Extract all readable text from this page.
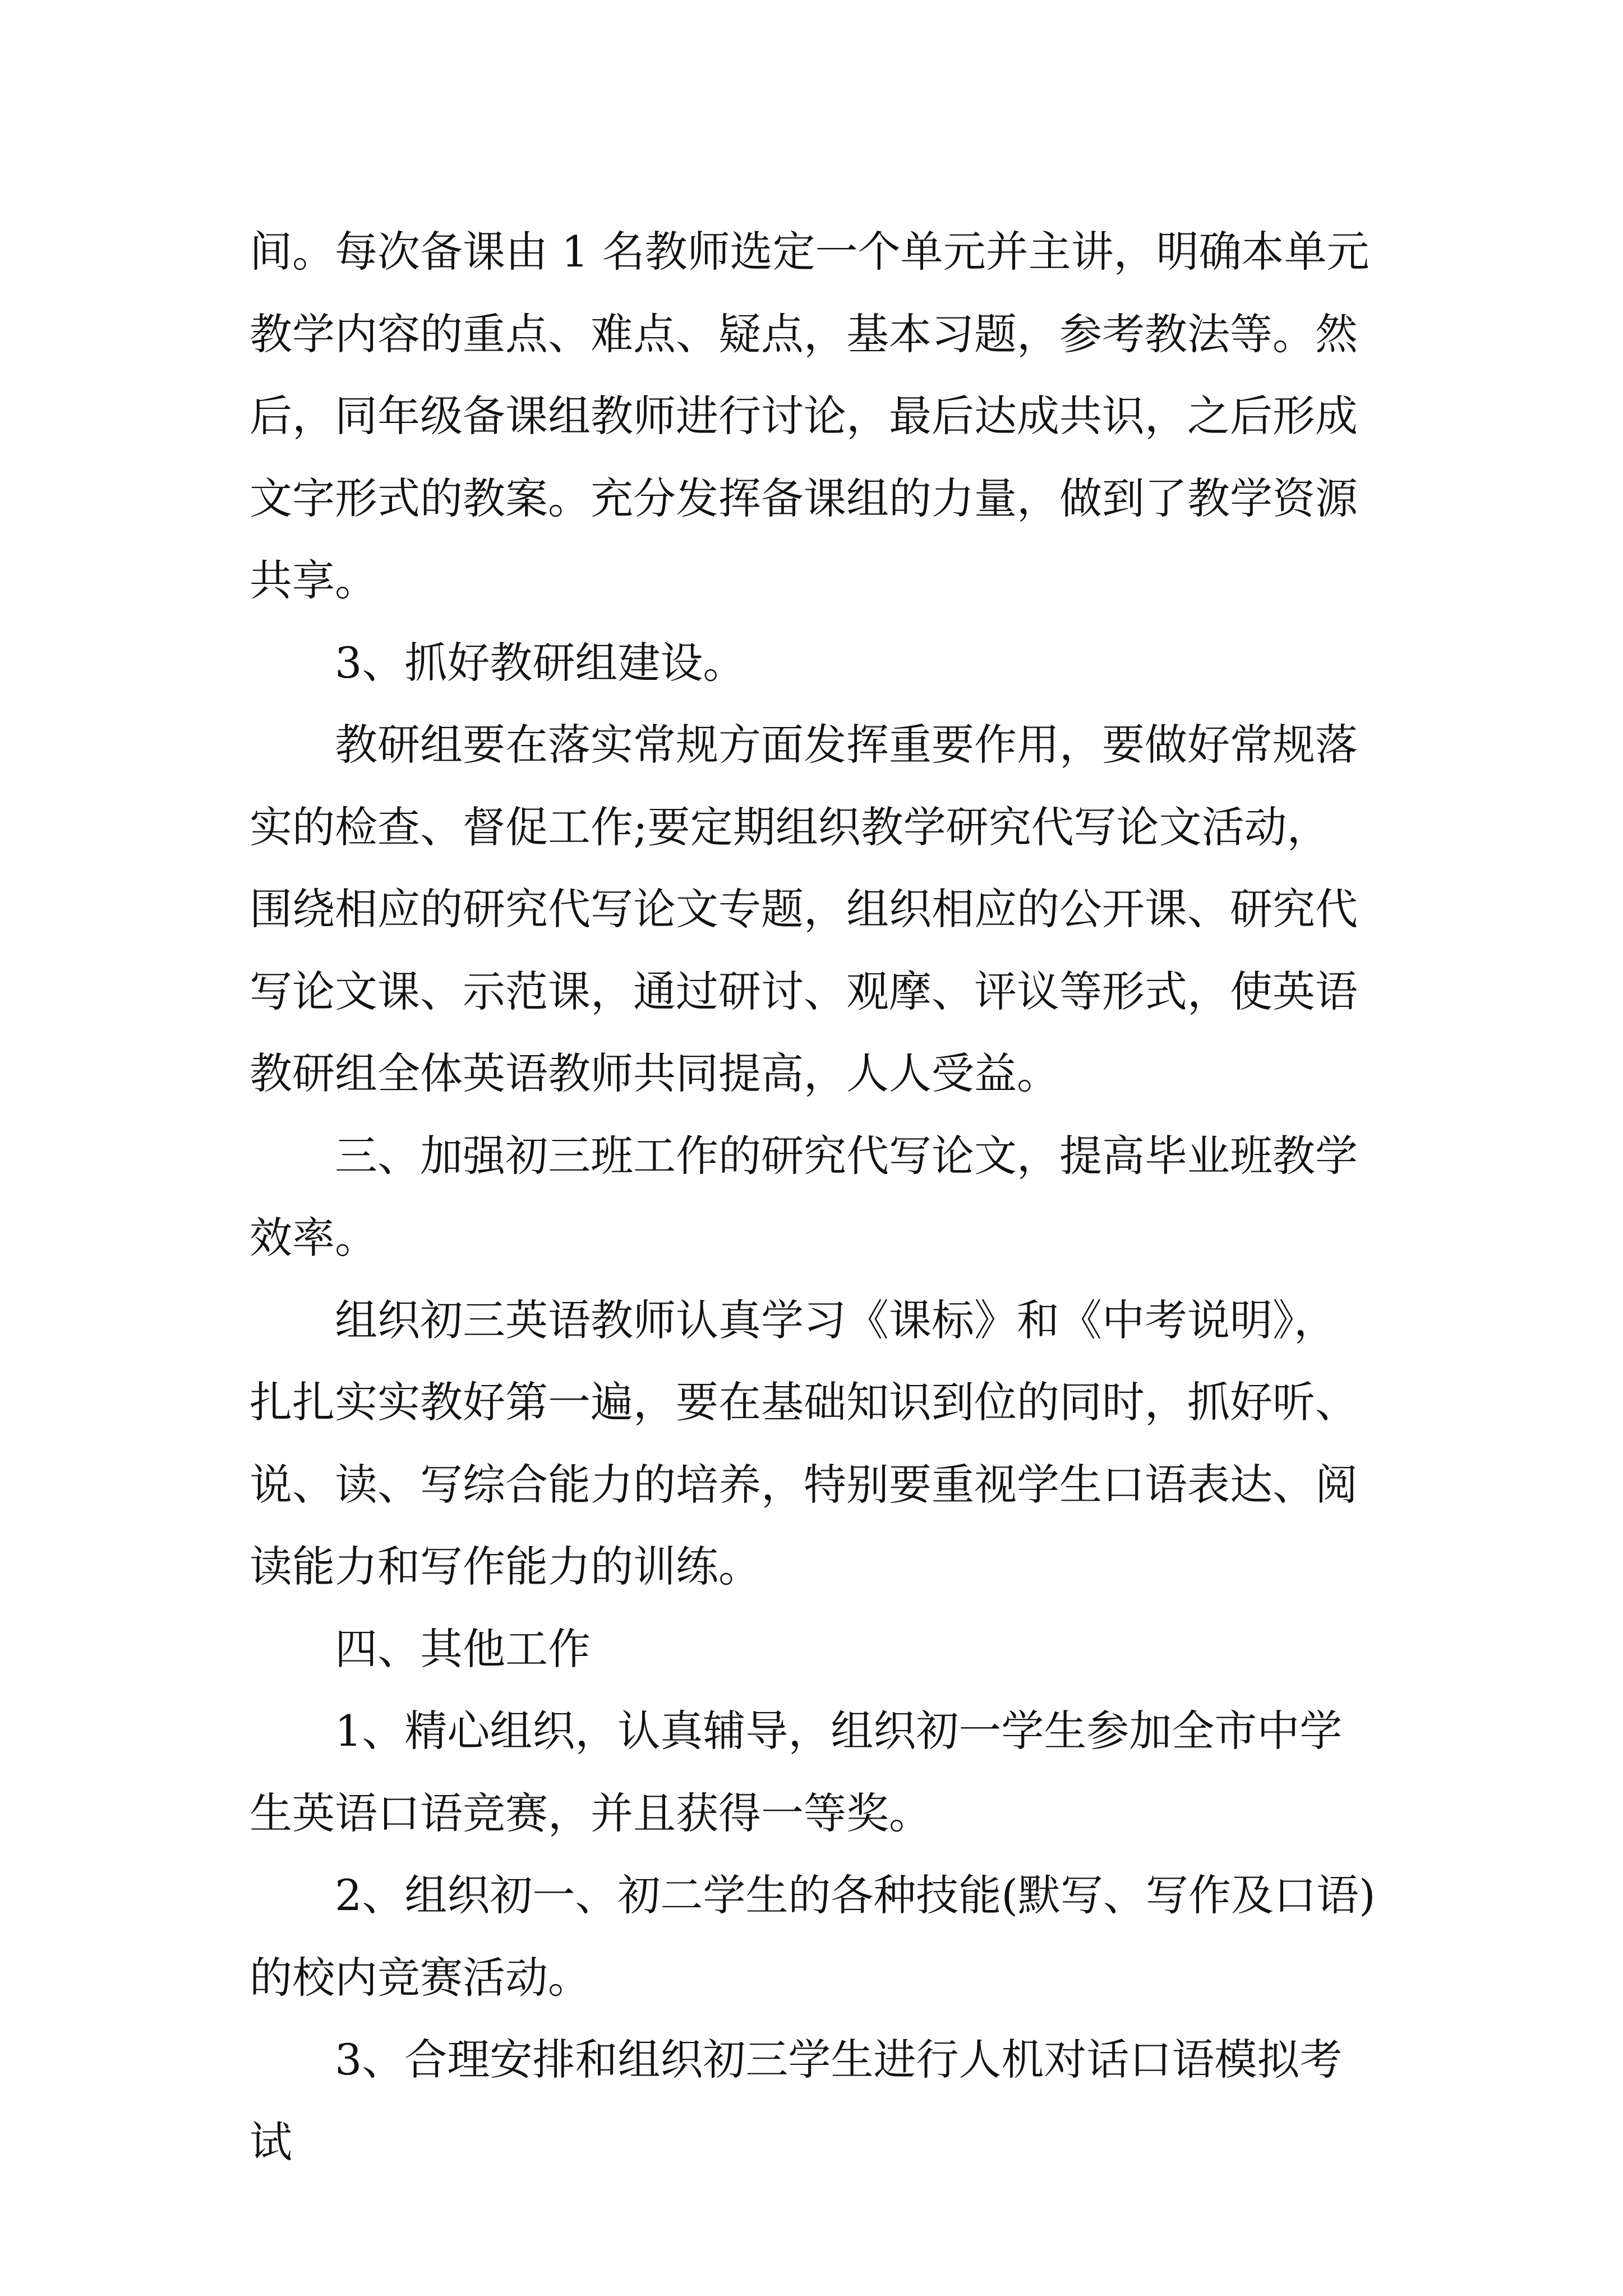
间。每次备课由 1 名教师选定一个单元并主讲，明确本单元
教学内容的重点、难点、疑点，基本习题，参考教法等。然
后，同年级备课组教师进行讨论，最后达成共识，之后形成
文字形式的教案。充分发挥备课组的力量，做到了教学资源
共享。

3、抓好教研组建设。

教研组要在落实常规方面发挥重要作用，要做好常规落

实的检查、督促工作;要定期组织教学研究代写论文活动，
围绕相应的研究代写论文专题，组织相应的公开课、研究代
写论文课、示范课，通过研讨、观摩、评议等形式，使英语
教研组全体英语教师共同提高，人人受益。

三、加强初三班工作的研究代写论文，提高毕业班教学

效率。

组织初三英语教师认真学习《课标》和《中考说明》，

扎扎实实教好第一遍，要在基础知识到位的同时，抓好听、
说、读、写综合能力的培养，特别要重视学生口语表达、阅
读能力和写作能力的训练。

四、其他工作

1、精心组织，认真辅导，组织初一学生参加全市中学

生英语口语竞赛，并且获得一等奖。

2、组织初一、初二学生的各种技能(默写、写作及口语)

的校内竞赛活动。

3、合理安排和组织初三学生进行人机对话口语模拟考

试
